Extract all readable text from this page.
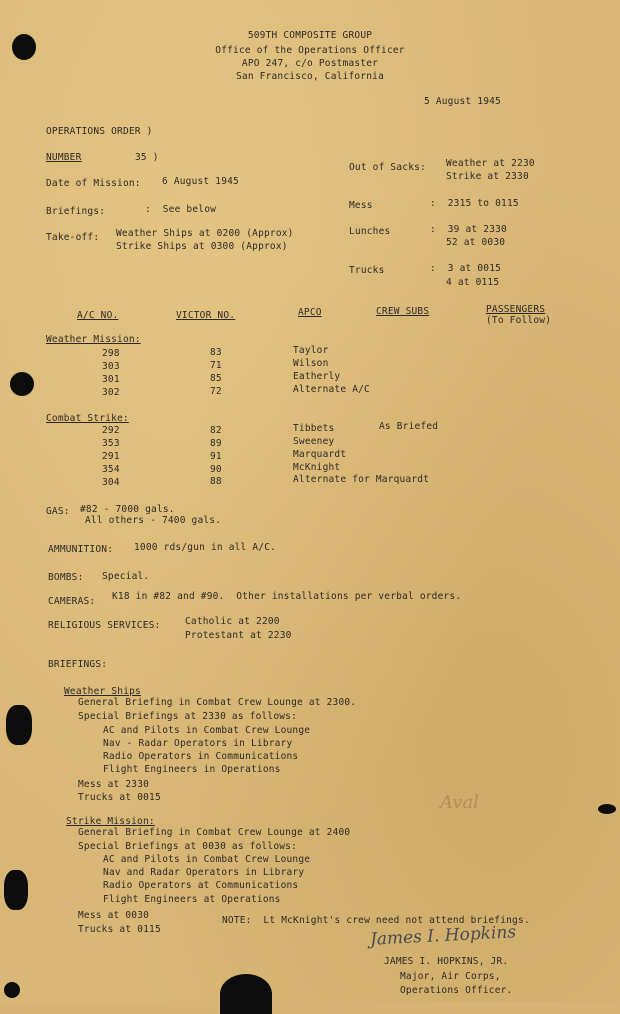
509TH COMPOSITE GROUP
Office of the Operations Officer
APO 247, c/o Postmaster
San Francisco, California
5 August 1945
OPERATIONS ORDER )
NUMBER	35 )
Date of Mission: 6 August 1945
Briefings:	:  See below
Take-off: Weather Ships at 0200 (Approx)
Strike Ships at 0300 (Approx)
Out of Sacks: Weather at 2230
Strike at 2330
Mess	:  2315 to 0115
Lunches	:  39 at 2330
52 at 0030
Trucks	:  3 at 0015
4 at 0115
A/C NO.	VICTOR NO.	APCO	CREW SUBS	PASSENGERS
(To Follow)
Weather Mission:
298	83	Taylor
303	71	Wilson
301	85	Eatherly
302	72	Alternate A/C
Combat Strike:
292	82	Tibbets	As Briefed
353	89	Sweeney
291	91	Marquardt
354	90	McKnight
304	88	Alternate for Marquardt
GAS: #82 - 7000 gals.
All others - 7400 gals.
AMMUNITION: 1000 rds/gun in all A/C.
BOMBS: Special.
CAMERAS: K18 in #82 and #90.  Other installations per verbal orders.
RELIGIOUS SERVICES:	Catholic at 2200
Protestant at 2230
BRIEFINGS:
Weather Ships
General Briefing in Combat Crew Lounge at 2300.
Special Briefings at 2330 as follows:
AC and Pilots in Combat Crew Lounge
Nav - Radar Operators in Library
Radio Operators in Communications
Flight Engineers in Operations
Mess at 2330
Trucks at 0015
Strike Mission:
General Briefing in Combat Crew Lounge at 2400
Special Briefings at 0030 as follows:
AC and Pilots in Combat Crew Lounge
Nav and Radar Operators in Library
Radio Operators at Communications
Flight Engineers at Operations
Mess at 0030
Trucks at 0115
NOTE:  Lt McKnight's crew need not attend briefings.
Aval
James I. Hopkins
JAMES I. HOPKINS, JR.
Major, Air Corps,
Operations Officer.
